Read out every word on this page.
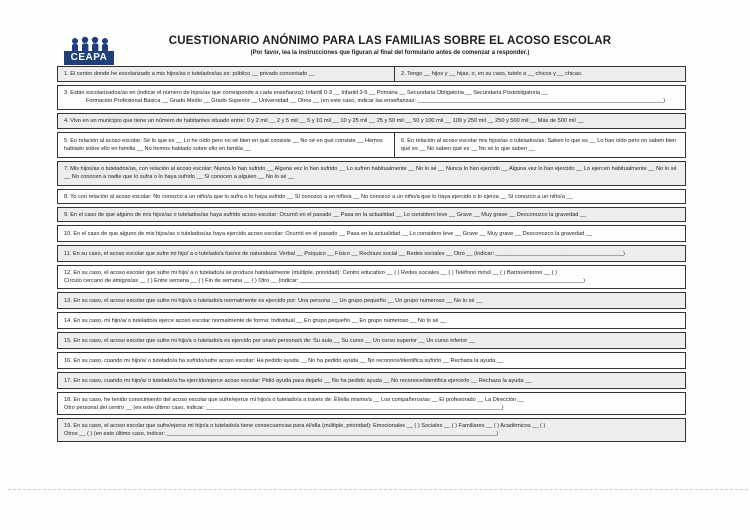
CEAPA
CUESTIONARIO ANÓNIMO PARA LAS FAMILIAS SOBRE EL ACOSO ESCOLAR
(Por favor, lea la instrucciones que figuran al final del formulario antes de comenzar a responder.)
1. El centro donde he escolarizado a mis hijos/as o tutelados/as es: público __ privado concertado __	2. Tengo __ hijos y __ hijas, o, en su caso, tutelo a __ chicos y __ chicas.
3. Están escolarizados/as en (indicar el número de hijos/as que corresponde a cada enseñanza): Infantil 0-3 __ Infantil 3-6 __ Primaria __ Secundaria Obligatoria __ Secundaria Postobligatoria __
Formación Profesional Básica __ Grado Medio __ Grado Superior __ Universidad __ Otros __ (en este caso, indicar las enseñanzas: _______________________________________________________________________________)
4. Vivo en un municipio que tiene un número de habitantes situado entre: 0 y 2 mil __ 2 y 5 mil __ 5 y 10 mil __ 10 y 25 mil __ 25 y 50 mil __ 50 y 100 mil __ 100 y 250 mil __ 250 y 500 mil __ Más de 500 mil __
5. En relación al acoso escolar: Sé lo que es __ Lo he oído pero no sé bien en qué consiste __ No sé en qué consiste __ Hemos hablado sobre ello en familia __ No hemos hablado sobre ello en familia __
6. En relación al acoso escolar mis hijos/as o tutelados/as: Saben lo que es __ Lo han oído pero no saben bien qué es __ No saben qué es __ No sé lo que saben __
7. Mis hijos/as o tutelados/as, con relación al acoso escolar: Nunca lo han sufrido __ Alguna vez lo han sufrido __ Lo sufren habitualmente __ No lo sé __ Nunca lo han ejercido __ Alguna vez lo han ejercido __ Lo ejercen habitualmente __ No lo sé __ No conocen a nadie que lo sufra o lo haya sufrido __ Sí conocen a alguien __ No lo sé __
8. Yo con relación al acoso escolar: No conozco a un niño/a que lo sufra o lo haya sufrido __ Sí conozco a un niño/a __ No conozco a un niño/a que lo haya ejercido o lo ejerza __ Sí conozco a un niño/a __
9. En el caso de que alguno de mis hijos/as o tutelados/as haya sufrido acoso escolar: Ocurrió en el pasado __ Pasa en la actualidad __ Lo considero leve __ Grave __ Muy grave __ Desconozco la gravedad __
10. En el caso de que alguno de mis hijos/as o tutelados/as haya ejercido acoso escolar: Ocurrió en el pasado __ Pasa en la actualidad __ Lo considero leve __ Grave __ Muy grave __ Desconozco la gravedad __
11. En su caso, el acoso escolar que sufre mi hijo/ a o tutelado/a fue/es de naturaleza: Verbal __ Psíquico __ Físico __ Rechazo social __ Redes sociales __ Otro __ (indicar: _________________________________________)
12. En su caso, el acoso escolar que sufre mi hijo/ a o tutelado/a se produce habitualmente (múltiple, prioridad): Centro educativo __ ( ) Redes sociales __ ( ) Teléfono móvil __ ( ) Barrio/entorno __ ( )
Círculo cercano de amigos/as __ ( ) Entre semana __ ( ) Fin de semana __ ( ) Otro __ (indicar: ___________________________________________________________________________________________)
13. En su caso, el acoso escolar que sufre mi hijo/a o tutelado/a normalmente es ejercido por: Una persona __ Un grupo pequeño __ Un grupo numeroso __ No lo sé __
14. En su caso, mi hijo/a/ o tutelado/a ejerce acoso escolar normalmente de forma: Individual __ En grupo pequeño __ En grupo numeroso __ No lo sé __
15. En su caso, el acoso escolar que sufre mi hijo/a o tutelado/a es ejercido por una/s persona/s de: Su aula __ Su curso __ Un curso superior __ Un curso inferior __
16. En su caso, cuando mi hijo/a/ o tutelado/a ha sufrido/sufre acoso escolar: Ha pedido ayuda __ No ha pedido ayuda __ No reconoce/identifica sufrirlo __ Rechaza la ayuda __
17. En su caso, cuando mi hijo/a/ o tutelado/a ha ejercido/ejerce acoso escolar: Pidió ayuda para dejarlo __ No ha pedido ayuda __ No reconoce/identifica ejercerlo __ Rechaza la ayuda __
18. En su caso, he tenido conocimiento del acoso escolar que sufre/ejerce mi hijo/a o tutelado/a a través de: Él/ella mismo/a __ Los compañeros/as __ El profesorado __ La Dirección __
Otro personal del centro __ (en este último caso, indicar: _______________________________________________________________________________________________)
19. En su caso, el acoso escolar que sufre/ejerce mi hijo/a o tutelado/a tiene consecuencias para él/ella (múltiple, prioridad): Emocionales __ ( ) Sociales __ ( ) Familiares __ ( ) Académicos __ ( )
Otros __ ( ) (en este último caso, indicar: __________________________________________________________________________________________________________)
